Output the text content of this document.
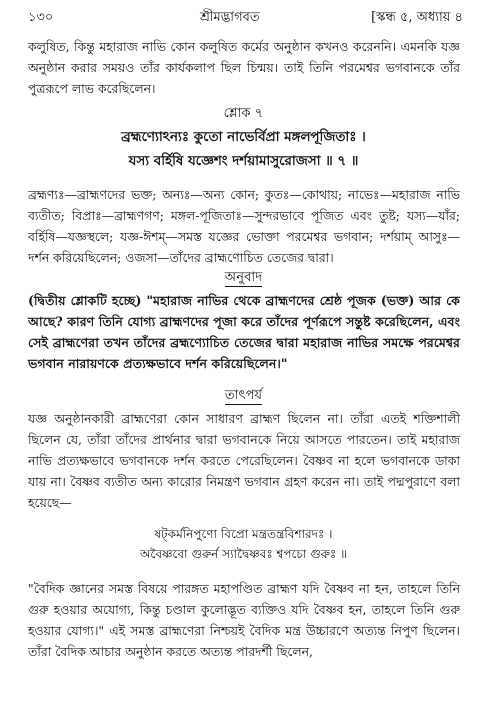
১৩০	শ্রীমদ্ভাগবত	[স্কন্ধ ৫, অধ্যায় ৪

কলুষিত, কিন্তু মহারাজ নাভি কোন কলুষিত কর্মের অনুষ্ঠান কখনও করেননি। এমনকি যজ্ঞ অনুষ্ঠান করার সময়ও তাঁর কার্যকলাপ ছিল চিন্ময়। তাই তিনি পরমেশ্বর ভগবানকে তাঁর পুত্ররূপে লাভ করেছিলেন।

শ্লোক ৭

ব্রহ্মণ্যোঽন্যঃ কুতো নাভের্বিপ্রা মঙ্গলপূজিতাঃ ।

যস্য বর্হিষি যজ্ঞেশং দর্শয়ামাসুরোজসা ॥ ৭ ॥

ব্রহ্মণ্যঃ—ব্রাহ্মণদের ভক্ত; অন্যঃ—অন্য কোন; কুতঃ—কোথায়; নাভেঃ—মহারাজ নাভি ব্যতীত; বিপ্রাঃ—ব্রাহ্মণগণ; মঙ্গল-পূজিতাঃ—সুন্দরভাবে পূজিত এবং তুষ্ট; যস্য—যাঁর; বর্হিষি—যজ্ঞস্থলে; যজ্ঞ-ঈশম্—সমস্ত যজ্ঞের ভোক্তা পরমেশ্বর ভগবান; দর্শয়াম্ আসুঃ—দর্শন করিয়েছিলেন; ওজসা—তাঁদের ব্রাহ্মণোচিত তেজের দ্বারা।

অনুবাদ

(দ্বিতীয় শ্লোকটি হচ্ছে) "মহারাজ নাভির থেকে ব্রাহ্মণদের শ্রেষ্ঠ পূজক (ভক্ত) আর কে আছে? কারণ তিনি যোগ্য ব্রাহ্মণদের পূজা করে তাঁদের পূর্ণরূপে সন্তুষ্ট করেছিলেন, এবং সেই ব্রাহ্মণেরা তখন তাঁদের ব্রহ্মণ্যোচিত তেজের দ্বারা মহারাজ নাভির সমক্ষে পরমেশ্বর ভগবান নারায়ণকে প্রত্যক্ষভাবে দর্শন করিয়েছিলেন।"

তাৎপর্য

যজ্ঞ অনুষ্ঠানকারী ব্রাহ্মণেরা কোন সাধারণ ব্রাহ্মণ ছিলেন না। তাঁরা এতই শক্তিশালী ছিলেন যে, তাঁরা তাঁদের প্রার্থনার দ্বারা ভগবানকে নিয়ে আসতে পারতেন। তাই মহারাজ নাভি প্রত্যক্ষভাবে ভগবানকে দর্শন করতে পেরেছিলেন। বৈষ্ণব না হলে ভগবানকে ডাকা যায় না। বৈষ্ণব ব্যতীত অন্য কারোর নিমন্ত্রণ ভগবান গ্রহণ করেন না। তাই পদ্মপুরাণে বলা হয়েছে—

ষট্‌কর্মনিপুণো বিপ্রো মন্ত্রতন্ত্রবিশারদঃ ।

অবৈষ্ণবো গুরুর্ন স্যাদ্বৈষ্ণবঃ শ্বপচো গুরুঃ ॥

"বৈদিক জ্ঞানের সমস্ত বিষয়ে পারঙ্গত মহাপণ্ডিত ব্রাহ্মণ যদি বৈষ্ণব না হন, তাহলে তিনি গুরু হওয়ার অযোগ্য, কিন্তু চণ্ডাল কুলোদ্ভূত ব্যক্তিও যদি বৈষ্ণব হন, তাহলে তিনি গুরু হওয়ার যোগ্য।" এই সমস্ত ব্রাহ্মণেরা নিশ্চয়ই বৈদিক মন্ত্র উচ্চারণে অত্যন্ত নিপুণ ছিলেন। তাঁরা বৈদিক আচার অনুষ্ঠান করতে অত্যন্ত পারদর্শী ছিলেন,
